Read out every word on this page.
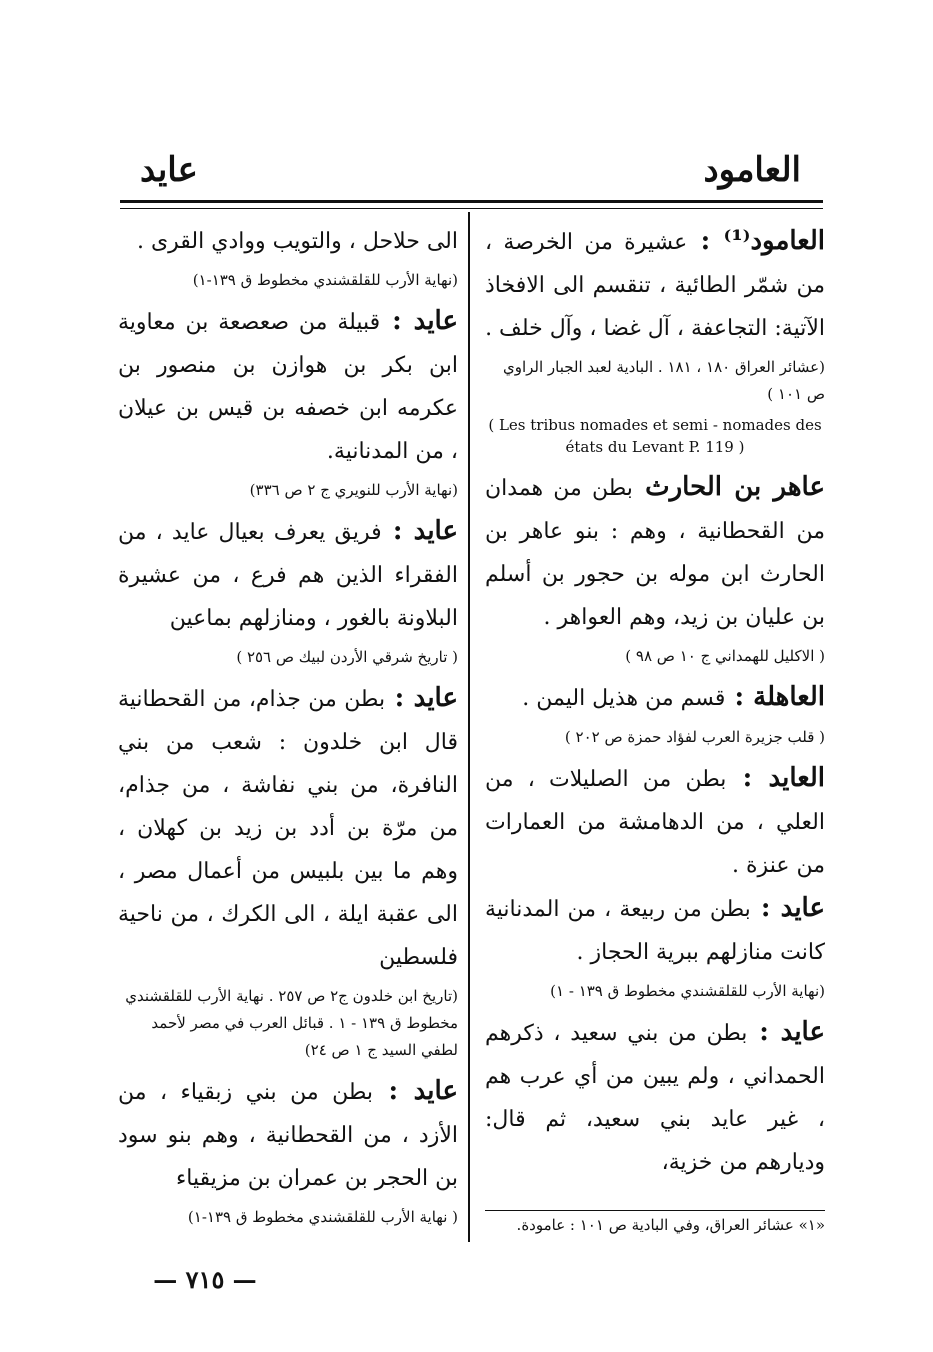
العامود
عايد

العامود⁽¹⁾ : عشيرة من الخرصة ، من شمّر الطائية ، تنقسم الى الافخاذ الآتية: التجاعفة ، آل غضا ، وآل خلف .

(عشائر العراق ١٨٠ ، ١٨١ . البادية لعبد الجبار الراوي ص ١٠١ )
( Les tribus nomades et semi - nomades des états du Levant P. 119 )

عاهر بن الحارث بطن من همدان من القحطانية ، وهم : بنو عاهر بن الحارث ابن موله بن حجور بن أسلم بن عليان بن زيد، وهم العواهر .

( الاكليل للهمداني ج ١٠ ص ٩٨ )

العاهلة : قسم من هذيل اليمن .

( قلب جزيرة العرب لفؤاد حمزة ص ٢٠٢ )

العايد : بطن من الصليلات ، من العلي ، من الدهامشة من العمارات من عنزة .

عايد : بطن من ربيعة ، من المدنانية كانت منازلهم ببرية الحجاز .

(نهاية الأرب للقلقشندي مخطوط ق ١٣٩ - ١)

عايد : بطن من بني سعيد ، ذكرهم الحمداني ، ولم يبين من أي عرب هم ، غير عايد بني سعيد، ثم قال: وديارهم من خزية،

الى حلاحل ، والتويب ووادي القرى .

(نهاية الأرب للقلقشندي مخطوط ق ١٣٩-١)

عايد : قبيلة من صعصعة بن معاوية ابن بكر بن هوازن بن منصور بن عكرمه ابن خصفه بن قيس بن عيلان ، من المدنانية.

(نهاية الأرب للنويري ج ٢ ص ٣٣٦)

عايد : فريق يعرف بعيال عايد ، من الفقراء الذين هم فرع ، من عشيرة البلاونة بالغور ، ومنازلهم بماعين

( تاريخ شرقي الأردن لبيك ص ٢٥٦ )

عايد : بطن من جذام، من القحطانية قال ابن خلدون : شعب من بني النافرة، من بني نفاشة ، من جذام، من مرّة بن أدد بن زيد بن كهلان ، وهم ما بين بلبيس من أعمال مصر ، الى عقبة ايلة ، الى الكرك ، من ناحية فلسطين

(تاريخ ابن خلدون ج٢ ص ٢٥٧ . نهاية الأرب للقلقشندي مخطوط ق ١٣٩ - ١ . قبائل العرب في مصر لأحمد لطفي السيد ج ١ ص ٢٤)

عايد : بطن من بني زبقياء ، من الأزد ، من القحطانية ، وهم بنو سود بن الحجر بن عمران بن مزيقياء

( نهاية الأرب للقلقشندي مخطوط ق ١٣٩-١)	«١» عشائر العراق، وفي البادية ص ١٠١ : عامودة.
— ٧١٥ —
